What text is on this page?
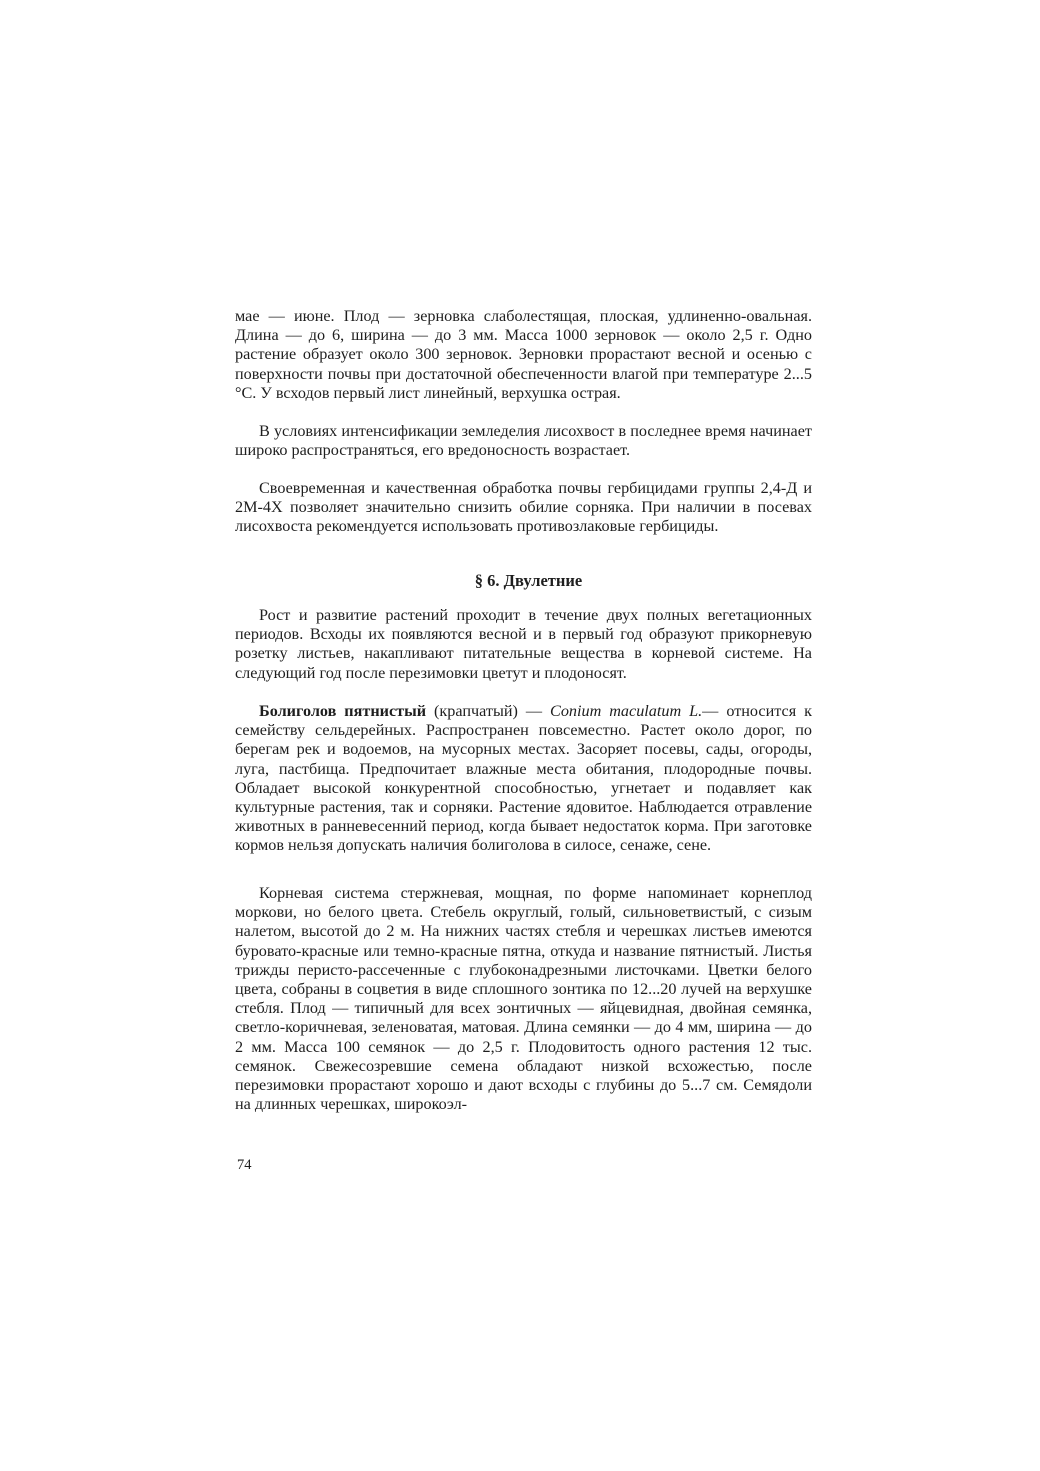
мае — июне. Плод — зерновка слаболестящая, плоская, удлиненно-овальная. Длина — до 6, ширина — до 3 мм. Масса 1000 зерновок — около 2,5 г. Одно растение образует около 300 зерновок. Зерновки прорастают весной и осенью с поверхности почвы при достаточной обеспеченности влагой при температуре 2...5 °С. У всходов первый лист линейный, верхушка острая.

В условиях интенсификации земледелия лисохвост в последнее время начинает широко распространяться, его вредоносность возрастает.

Своевременная и качественная обработка почвы гербицидами группы 2,4-Д и 2М-4Х позволяет значительно снизить обилие сорняка. При наличии в посевах лисохвоста рекомендуется использовать противозлаковые гербициды.

§ 6. Двулетние

Рост и развитие растений проходит в течение двух полных вегетационных периодов. Всходы их появляются весной и в первый год образуют прикорневую розетку листьев, накапливают питательные вещества в корневой системе. На следующий год после перезимовки цветут и плодоносят.

Болиголов пятнистый (крапчатый) — Conium maculatum L.— относится к семейству сельдерейных. Распространен повсеместно. Растет около дорог, по берегам рек и водоемов, на мусорных местах. Засоряет посевы, сады, огороды, луга, пастбища. Предпочитает влажные места обитания, плодородные почвы. Обладает высокой конкурентной способностью, угнетает и подавляет как культурные растения, так и сорняки. Растение ядовитое. Наблюдается отравление животных в ранневесенний период, когда бывает недостаток корма. При заготовке кормов нельзя допускать наличия болиголова в силосе, сенаже, сене.

Корневая система стержневая, мощная, по форме напоминает корнеплод моркови, но белого цвета. Стебель округлый, голый, сильноветвистый, с сизым налетом, высотой до 2 м. На нижних частях стебля и черешках листьев имеются буровато-красные или темно-красные пятна, откуда и название пятнистый. Листья трижды перисто-рассеченные с глубоконадрезными листочками. Цветки белого цвета, собраны в соцветия в виде сплошного зонтика по 12...20 лучей на верхушке стебля. Плод — типичный для всех зонтичных — яйцевидная, двойная семянка, светло-коричневая, зеленоватая, матовая. Длина семянки — до 4 мм, ширина — до 2 мм. Масса 100 семянок — до 2,5 г. Плодовитость одного растения 12 тыс. семянок. Свежесозревшие семена обладают низкой всхожестью, после перезимовки прорастают хорошо и дают всходы с глубины до 5...7 см. Семядоли на длинных черешках, широкоэл-

74
